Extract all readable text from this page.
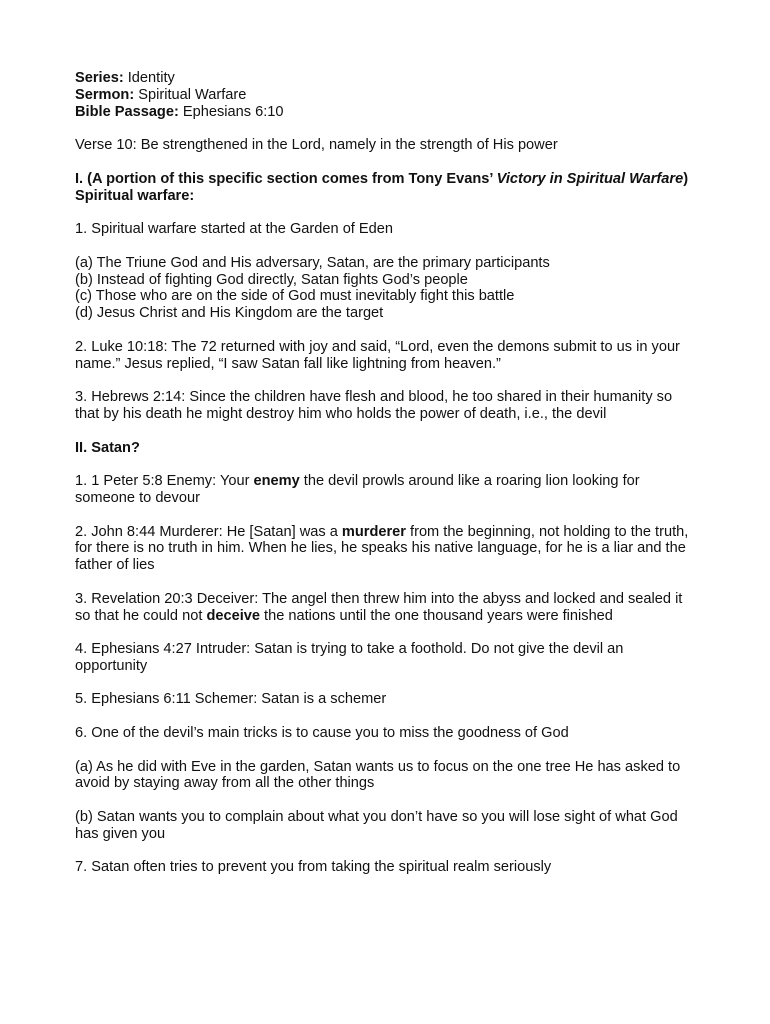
Series: Identity
Sermon: Spiritual Warfare
Bible Passage: Ephesians 6:10
Verse 10: Be strengthened in the Lord, namely in the strength of His power
I. (A portion of this specific section comes from Tony Evans’ Victory in Spiritual Warfare)
Spiritual warfare:
1. Spiritual warfare started at the Garden of Eden
(a) The Triune God and His adversary, Satan, are the primary participants
(b) Instead of fighting God directly, Satan fights God’s people
(c) Those who are on the side of God must inevitably fight this battle
(d) Jesus Christ and His Kingdom are the target
2. Luke 10:18: The 72 returned with joy and said, “Lord, even the demons submit to us in your name.” Jesus replied, “I saw Satan fall like lightning from heaven.”
3. Hebrews 2:14: Since the children have flesh and blood, he too shared in their humanity so that by his death he might destroy him who holds the power of death, i.e., the devil
II. Satan?
1. 1 Peter 5:8 Enemy: Your enemy the devil prowls around like a roaring lion looking for someone to devour
2. John 8:44 Murderer: He [Satan] was a murderer from the beginning, not holding to the truth, for there is no truth in him. When he lies, he speaks his native language, for he is a liar and the father of lies
3. Revelation 20:3 Deceiver: The angel then threw him into the abyss and locked and sealed it so that he could not deceive the nations until the one thousand years were finished
4. Ephesians 4:27 Intruder: Satan is trying to take a foothold. Do not give the devil an opportunity
5. Ephesians 6:11 Schemer: Satan is a schemer
6. One of the devil’s main tricks is to cause you to miss the goodness of God
(a) As he did with Eve in the garden, Satan wants us to focus on the one tree He has asked to avoid by staying away from all the other things
(b) Satan wants you to complain about what you don’t have so you will lose sight of what God has given you
7. Satan often tries to prevent you from taking the spiritual realm seriously
